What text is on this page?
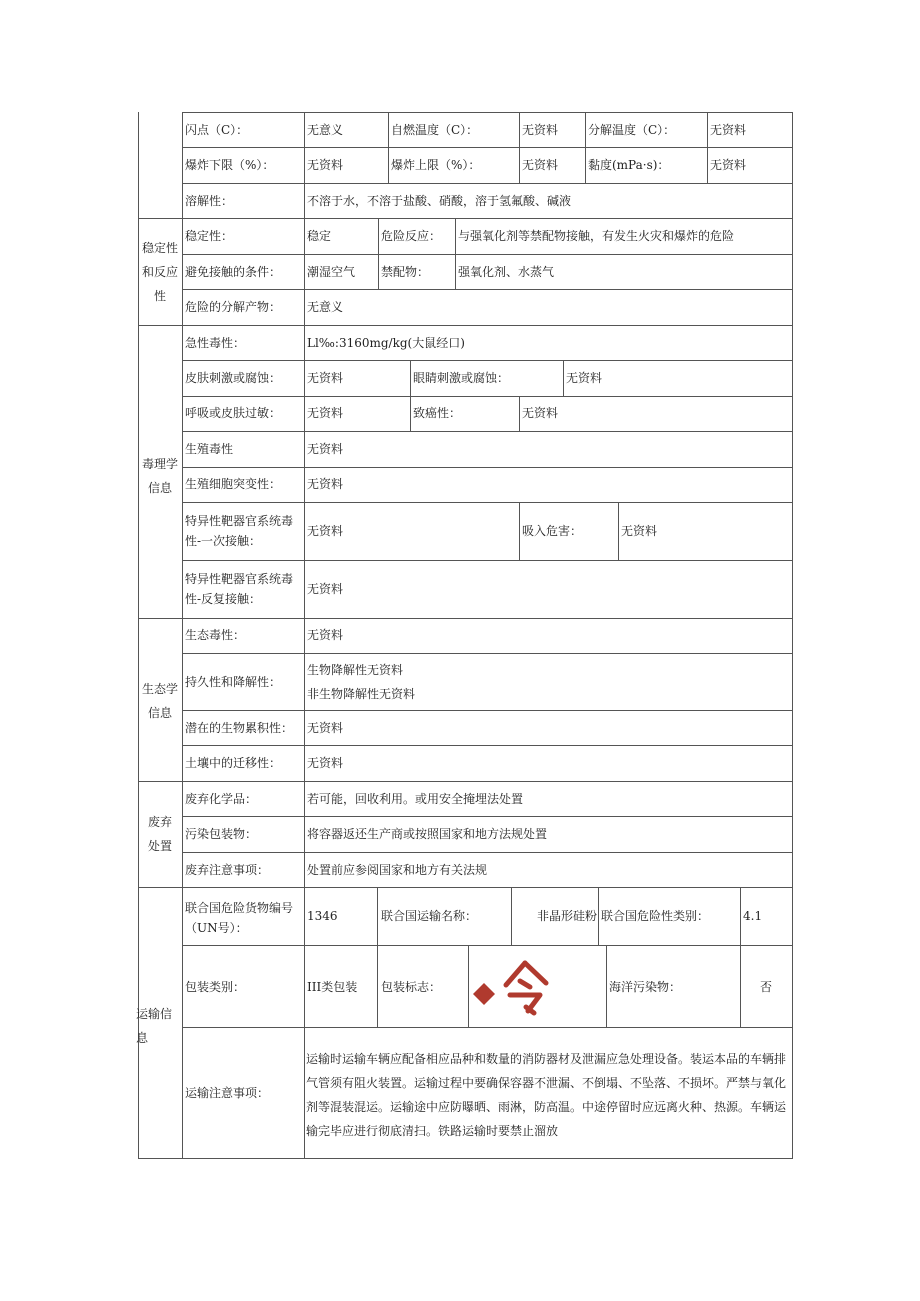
闪点（C）：	无意义	自燃温度（C）：	无资料 分解温度（C）：	无资料
爆炸下限（%）：	无资料	爆炸上限（%）：	无资料 黏度(mPa·s)：	无资料
溶解性：	不溶于水，不溶于盐酸、硝酸，溶于氢氟酸、碱液
稳定性
和反应
性
稳定性：	稳定	危险反应： 与强氧化剂等禁配物接触，有发生火灾和爆炸的危险
避免接触的条件： 潮湿空气 禁配物： 强氧化剂、水蒸气
危险的分解产物： 无意义
毒理学
信息
急性毒性：	Ll‰:3160mg/kg(大鼠经口)
皮肤刺激或腐蚀： 无资料	眼睛刺激或腐蚀：	无资料
呼吸或皮肤过敏： 无资料	致癌性：	无资料
生殖毒性	无资料
生殖细胞突变性： 无资料
特异性靶器官系统毒
性-一次接触：
无资料	吸入危害：	无资料
特异性靶器官系统毒
性-反复接触：
无资料
生态学
信息
生态毒性：	无资料
持久性和降解性：
生物降解性无资料
非生物降解性无资料
潜在的生物累积性： 无资料
土壤中的迁移性： 无资料
废弃
处置
废弃化学品：	若可能，回收利用。或用安全掩埋法处置
污染包装物：	将容器返还生产商或按照国家和地方法规处置
废弃注意事项：	处置前应参阅国家和地方有关法规
运输信
息
联合国危险货物编号
（UN号）：
1346	联合国运输名称：	非晶形硅粉 联合国危险性类别：	4.1
包装类别：	III类包装 包装标志：	海洋污染物：	否
运输注意事项：
运输时运输车辆应配备相应品种和数量的消防器材及泄漏应急处理设备。装运本品的车辆排气管须有阻火装置。运输过程中要确保容器不泄漏、不倒塌、不坠落、不损坏。严禁与氧化剂等混装混运。运输途中应防曝晒、雨淋，防高温。中途停留时应远离火种、热源。车辆运输完毕应进行彻底清扫。铁路运输时要禁止溜放
